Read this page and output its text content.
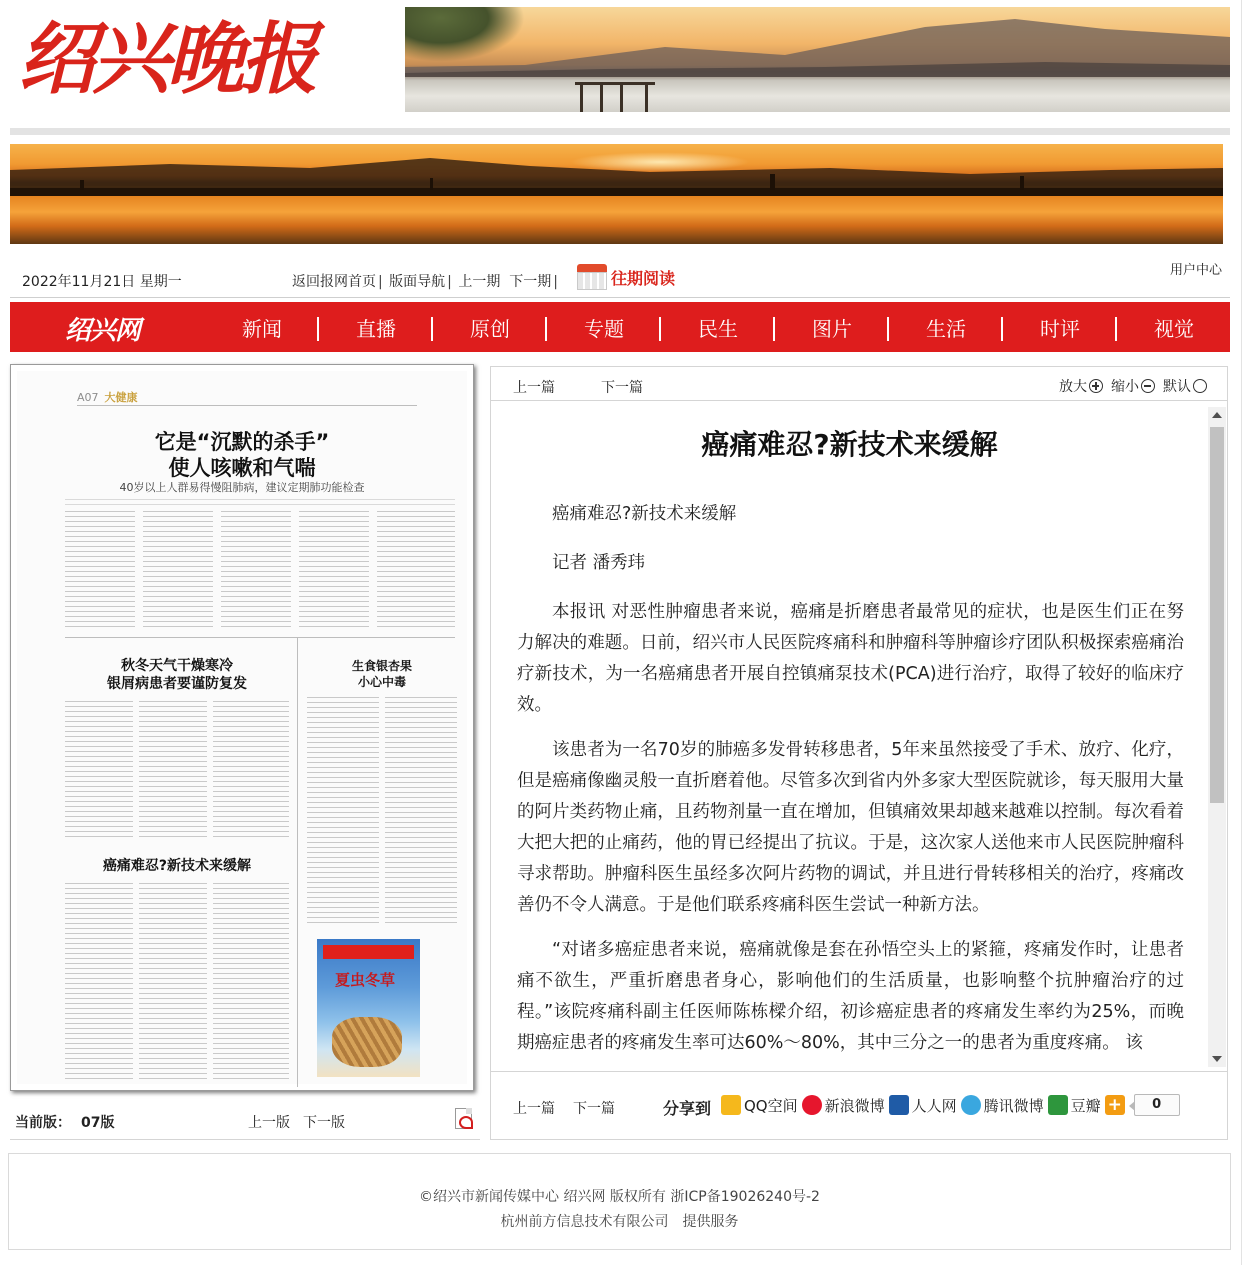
绍兴晚报
2022年11月21日 星期一	返回报网首页 | 版面导航 | 上一期 下一期 |	往期阅读	用户中心
绍兴网	新闻	直播	原创	专题	民生	图片	生活	时评	视觉
A07 大健康
它是“沉默的杀手”
使人咳嗽和气喘
40岁以上人群易得慢阻肺病，建议定期肺功能检查
秋冬天气干燥寒冷
银屑病患者要谨防复发
生食银杏果
小心中毒
癌痛难忍?新技术来缓解
夏虫冬草
当前版： 07版	上一版 下一版
上一篇	下一篇	放大 缩小 默认
癌痛难忍?新技术来缓解

癌痛难忍?新技术来缓解

记者 潘秀玮

本报讯 对恶性肿瘤患者来说，癌痛是折磨患者最常见的症状，也是医生们正在努力解决的难题。日前，绍兴市人民医院疼痛科和肿瘤科等肿瘤诊疗团队积极探索癌痛治疗新技术，为一名癌痛患者开展自控镇痛泵技术(PCA)进行治疗，取得了较好的临床疗效。

该患者为一名70岁的肺癌多发骨转移患者，5年来虽然接受了手术、放疗、化疗，但是癌痛像幽灵般一直折磨着他。尽管多次到省内外多家大型医院就诊，每天服用大量的阿片类药物止痛，且药物剂量一直在增加，但镇痛效果却越来越难以控制。每次看着大把大把的止痛药，他的胃已经提出了抗议。于是，这次家人送他来市人民医院肿瘤科寻求帮助。肿瘤科医生虽经多次阿片药物的调试，并且进行骨转移相关的治疗，疼痛改善仍不令人满意。于是他们联系疼痛科医生尝试一种新方法。

“对诸多癌症患者来说，癌痛就像是套在孙悟空头上的紧箍，疼痛发作时，让患者痛不欲生，严重折磨患者身心，影响他们的生活质量，也影响整个抗肿瘤治疗的过程。”该院疼痛科副主任医师陈栋樑介绍，初诊癌症患者的疼痛发生率约为25%，而晚期癌症患者的疼痛发生率可达60%～80%，其中三分之一的患者为重度疼痛。 该

上一篇 下一篇	分享到 QQ空间 新浪微博 人人网 腾讯微博 豆瓣 +	0
©绍兴市新闻传媒中心 绍兴网 版权所有 浙ICP备19026240号-2
杭州前方信息技术有限公司　提供服务
